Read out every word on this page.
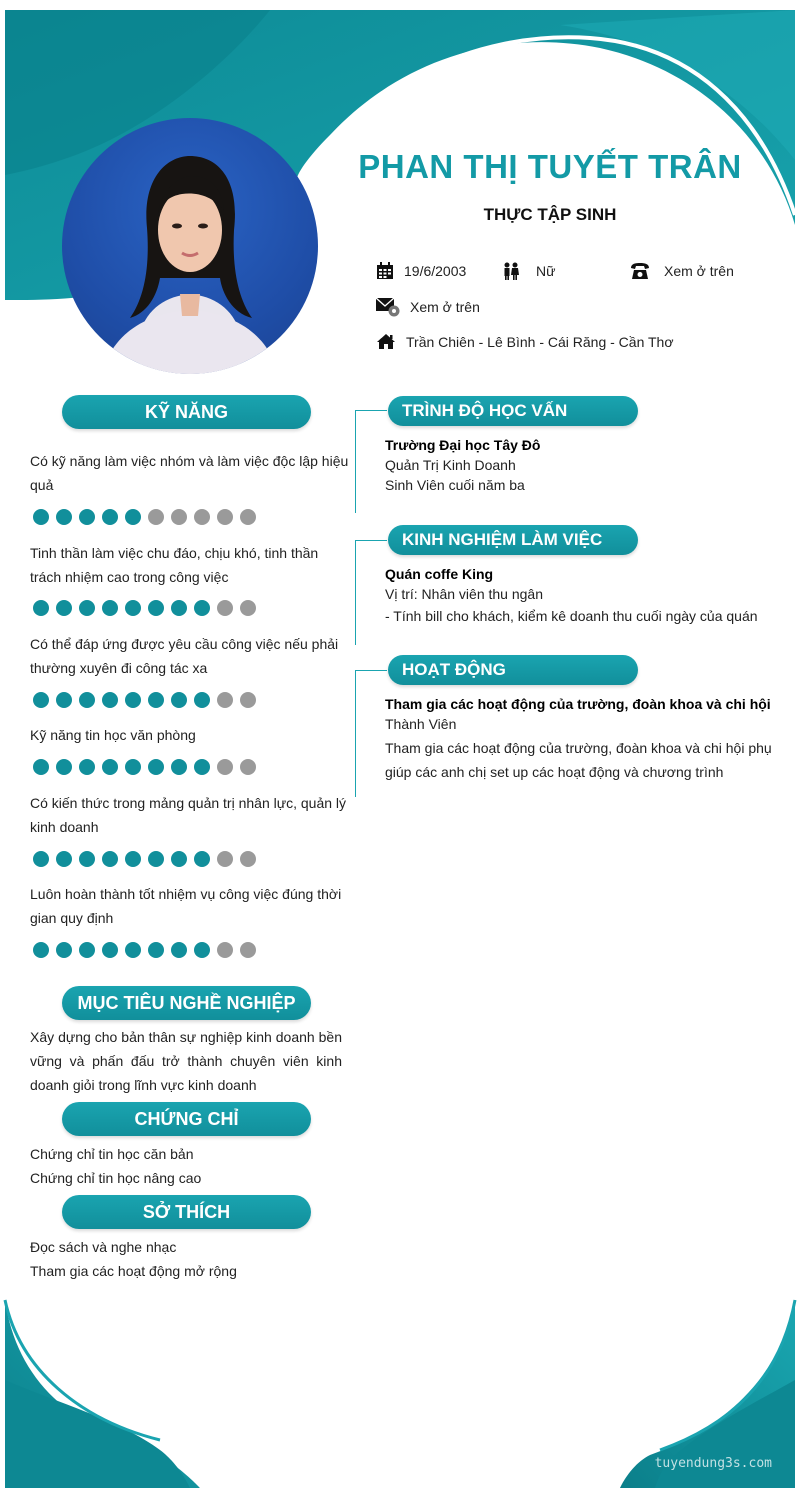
PHAN THỊ TUYẾT TRÂN
THỰC TẬP SINH
19/6/2003	Nữ	Xem ở trên
Xem ở trên
Trần Chiên - Lê Bình - Cái Răng - Cần Thơ
KỸ NĂNG
Có kỹ năng làm việc nhóm và làm việc độc lập hiệu quả
Tinh thần làm việc chu đáo, chịu khó, tinh thần trách nhiệm cao trong công việc
Có thể đáp ứng được yêu cầu công việc nếu phải thường xuyên đi công tác xa
Kỹ năng tin học văn phòng
Có kiến thức trong mảng quản trị nhân lực, quản lý kinh doanh
Luôn hoàn thành tốt nhiệm vụ công việc đúng thời gian quy định
MỤC TIÊU NGHỀ NGHIỆP
Xây dựng cho bản thân sự nghiệp kinh doanh bền vững và phấn đấu trở thành chuyên viên kinh doanh giỏi trong lĩnh vực kinh doanh
CHỨNG CHỈ
Chứng chỉ tin học căn bản
Chứng chỉ tin học nâng cao
SỞ THÍCH
Đọc sách và nghe nhạc
Tham gia các hoạt động mở rộng
TRÌNH ĐỘ HỌC VẤN
Trường Đại học Tây Đô
Quản Trị Kinh Doanh
Sinh Viên cuối năm ba
KINH NGHIỆM LÀM VIỆC
Quán coffe King
Vị trí: Nhân viên thu ngân
- Tính bill cho khách, kiểm kê doanh thu cuối ngày của quán
HOẠT ĐỘNG
Tham gia các hoạt động của trường, đoàn khoa và chi hội
Thành Viên
Tham gia các hoạt động của trường, đoàn khoa và chi hội phụ giúp các anh chị set up các hoạt động và chương trình
tuyendung3s.com
